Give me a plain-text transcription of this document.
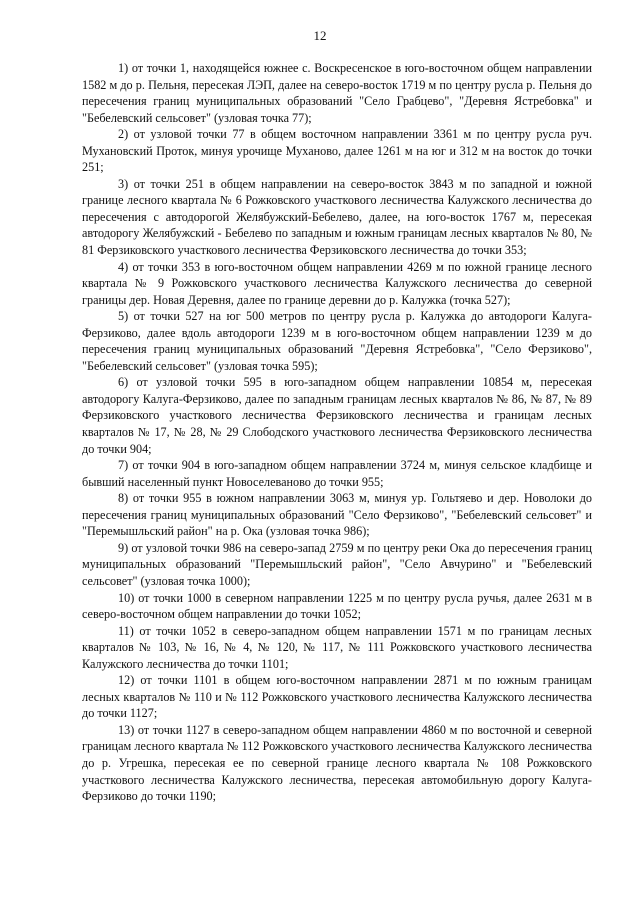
12

1) от точки 1, находящейся южнее с. Воскресенское в юго-восточном общем направлении 1582 м до р. Пельня, пересекая ЛЭП, далее на северо-восток 1719 м по центру русла р. Пельня до пересечения границ муниципальных образований "Село Грабцево", "Деревня Ястребовка" и "Бебелевский сельсовет" (узловая точка 77);

2) от узловой точки 77 в общем восточном направлении 3361 м по центру русла руч. Мухановский Проток, минуя урочище Муханово, далее 1261 м на юг и 312 м на восток до точки 251;

3) от точки 251 в общем направлении на северо-восток 3843 м по западной и южной границе лесного квартала № 6 Рожковского участкового лесничества Калужского лесничества до пересечения с автодорогой Желябужский-Бебелево, далее, на юго-восток 1767 м, пересекая автодорогу Желябужский - Бебелево по западным и южным границам лесных кварталов № 80, № 81 Ферзиковского участкового лесничества Ферзиковского лесничества до точки 353;

4) от точки 353 в юго-восточном общем направлении 4269 м по южной границе лесного квартала № 9 Рожковского участкового лесничества Калужского лесничества до северной границы дер. Новая Деревня, далее по границе деревни до р. Калужка (точка 527);

5) от точки 527 на юг 500 метров по центру русла р. Калужка до автодороги Калуга-Ферзиково, далее вдоль автодороги 1239 м в юго-восточном общем направлении 1239 м до пересечения границ муниципальных образований "Деревня Ястребовка", "Село Ферзиково", "Бебелевский сельсовет" (узловая точка 595);

6) от узловой точки 595 в юго-западном общем направлении 10854 м, пересекая автодорогу Калуга-Ферзиково, далее по западным границам лесных кварталов № 86, № 87, № 89 Ферзиковского участкового лесничества Ферзиковского лесничества и границам лесных кварталов № 17, № 28, № 29 Слободского участкового лесничества Ферзиковского лесничества до точки 904;

7) от точки 904 в юго-западном общем направлении 3724 м, минуя сельское кладбище и бывший населенный пункт Новоселеваново до точки 955;

8) от точки 955 в южном направлении 3063 м, минуя ур. Гольтяево и дер. Новолоки до пересечения границ муниципальных образований "Село Ферзиково", "Бебелевский сельсовет" и "Перемышльский район" на р. Ока (узловая точка 986);

9) от узловой точки 986 на северо-запад 2759 м по центру реки Ока до пересечения границ муниципальных образований "Перемышльский район", "Село Авчурино" и "Бебелевский сельсовет" (узловая точка 1000);

10) от точки 1000 в северном направлении 1225 м по центру русла ручья, далее 2631 м в северо-восточном общем направлении до точки 1052;

11) от точки 1052 в северо-западном общем направлении 1571 м по границам лесных кварталов № 103, № 16, № 4, № 120, № 117, № 111 Рожковского участкового лесничества Калужского лесничества до точки 1101;

12) от точки 1101 в общем юго-восточном направлении 2871 м по южным границам лесных кварталов № 110 и № 112 Рожковского участкового лесничества Калужского лесничества до точки 1127;

13) от точки 1127 в северо-западном общем направлении 4860 м по восточной и северной границам лесного квартала № 112 Рожковского участкового лесничества Калужского лесничества до р. Угрешка, пересекая ее по северной границе лесного квартала № 108 Рожковского участкового лесничества Калужского лесничества, пересекая автомобильную дорогу Калуга-Ферзиково до точки 1190;
